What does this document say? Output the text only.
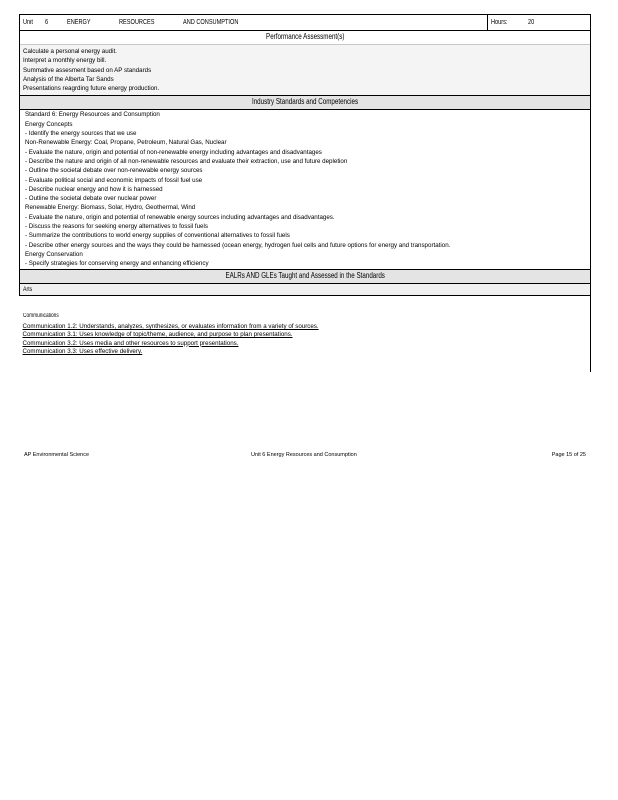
Unit 6	ENERGY	RESOURCES	AND CONSUMPTION	Hours:	20
Performance Assessment(s)

Calculate a personal energy audit.
Interpret a monthly energy bill.
Summative assesment based on AP standards
Analysis of the Alberta Tar Sands
Presentations reagrding future energy production.

Industry Standards and Competencies

Standard 6: Energy Resources and Consumption
Energy Concepts
- Identify the energy sources that we use
Non-Renewable Energy: Coal, Propane, Petroleum, Natural Gas, Nuclear
- Evaluate the nature, origin and potential of non-renewable energy including advantages and disadvantages
- Describe the nature and origin of all non-renewable resources and evaluate their extraction, use and future depletion
- Outline the societal debate over non-renewable energy sources
- Evaluate political social and economic impacts of fossil fuel use
- Describe nuclear energy and how it is harnessed
- Outline the societal debate over nuclear power
Renewable Energy: Biomass, Solar, Hydro, Geothermal, Wind
- Evaluate the nature, origin and potential of renewable energy sources including advantages and disadvantages.
- Discuss the reasons for seeking energy alternatives to fossil fuels
- Summarize the contributions to world energy supplies of conventional alternatives to fossil fuels
- Describe other energy sources and the ways they could be harnessed (ocean energy, hydrogen fuel cells and future options for energy and transportation.
Energy Conservation
- Specify strategies for conserving energy and enhancing efficiency

EALRs AND GLEs Taught and Assessed in the Standards
Arts
Communications
Communication 1.2: Understands, analyzes, synthesizes, or evaluates information from a variety of sources.
Communication 3.1: Uses knowledge of topic/theme, audience, and purpose to plan presentations.
Communication 3.2: Uses media and other resources to support presentations.
Communication 3.3: Uses effective delivery.
AP Environmental Science	Unit 6 Energy Resources and Consumption	Page 15 of 25
